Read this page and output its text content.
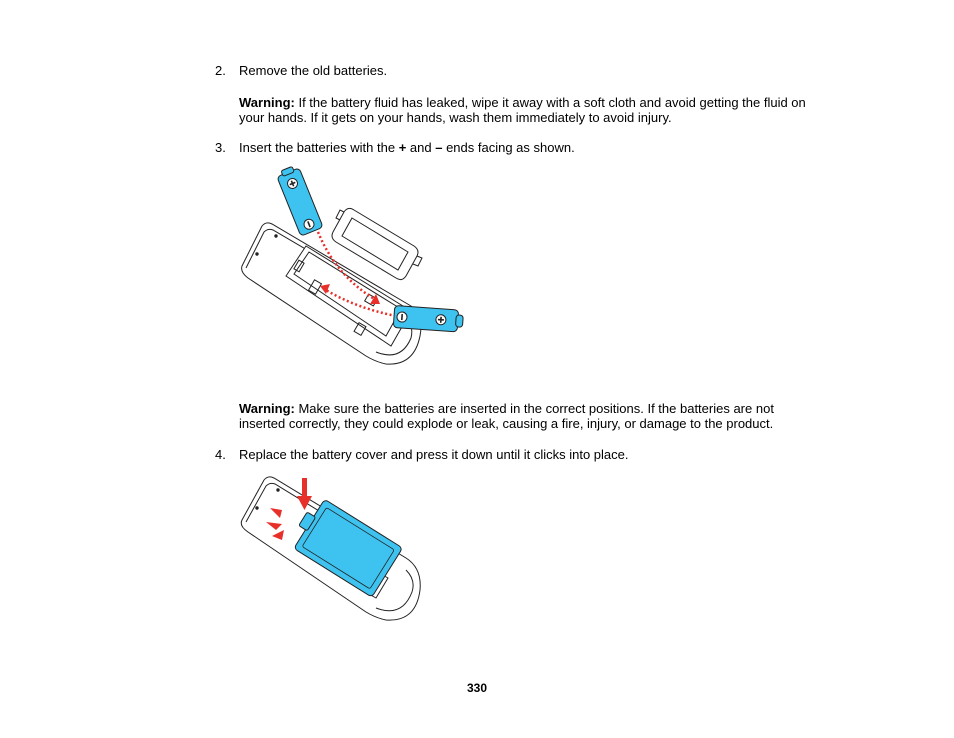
2. Remove the old batteries.
Warning: If the battery fluid has leaked, wipe it away with a soft cloth and avoid getting the fluid on your hands. If it gets on your hands, wash them immediately to avoid injury.
3. Insert the batteries with the + and – ends facing as shown.
Warning: Make sure the batteries are inserted in the correct positions. If the batteries are not inserted correctly, they could explode or leak, causing a fire, injury, or damage to the product.
4. Replace the battery cover and press it down until it clicks into place.
330
